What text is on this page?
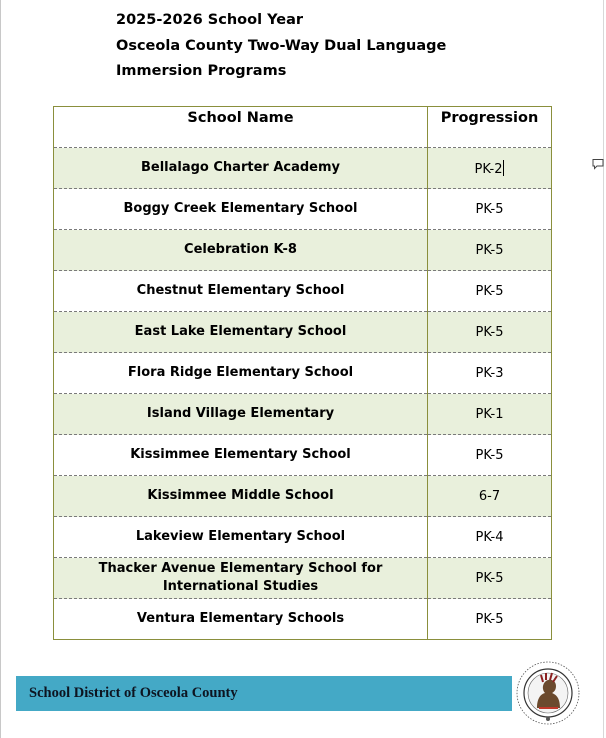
2025-2026 School Year
Osceola County Two-Way Dual Language
Immersion Programs
School Name	Progression
Bellalago Charter Academy	PK-2
Boggy Creek Elementary School	PK-5
Celebration K-8	PK-5
Chestnut Elementary School	PK-5
East Lake Elementary School	PK-5
Flora Ridge Elementary School	PK-3
Island Village Elementary	PK-1
Kissimmee Elementary School	PK-5
Kissimmee Middle School	6-7
Lakeview Elementary School	PK-4
Thacker Avenue Elementary School for International Studies	PK-5
Ventura Elementary Schools	PK-5
School District of Osceola County
